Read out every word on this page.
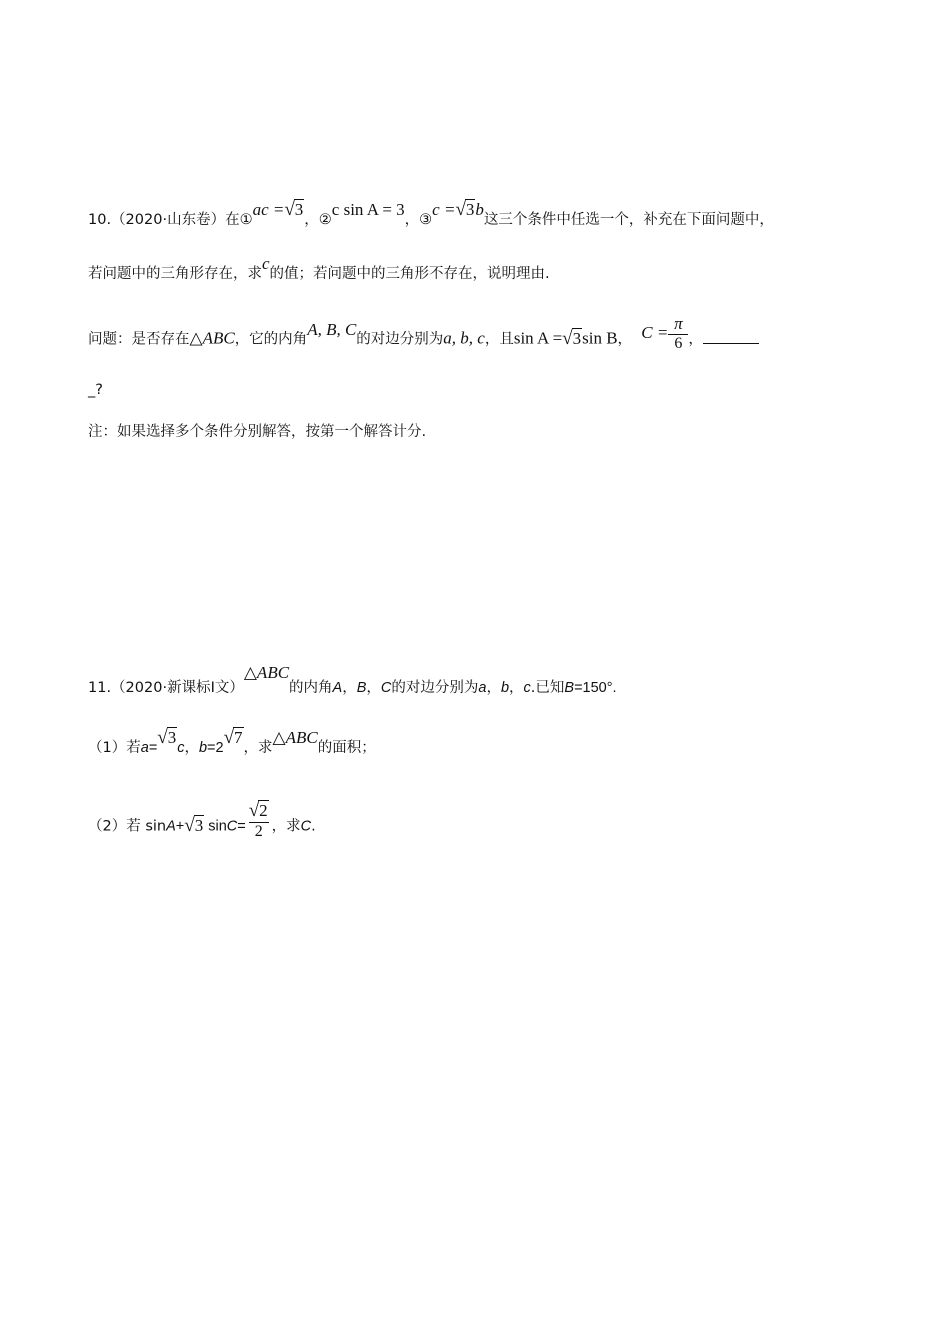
10.（2020·山东卷）在①ac =√3，②c sin A = 3，③c =√3b这三个条件中任选一个，补充在下面问题中，
若问题中的三角形存在，求c的值；若问题中的三角形不存在，说明理由.
问题：是否存在△ABC，它的内角A, B, C的对边分别为a, b, c，且sin A =√3sin B， $C = \frac{\pi}{6}$ ，
_?
注：如果选择多个条件分别解答，按第一个解答计分.
11.（2020·新课标Ⅰ文）△ABC的内角A，B，C的对边分别为a，b，c.已知B=150°.
（1）若a=√3c，b=2√7，求△ABC的面积；
（2）若 sinA+√3 $\sin C= \frac{√2}{2}$ ，求C.
